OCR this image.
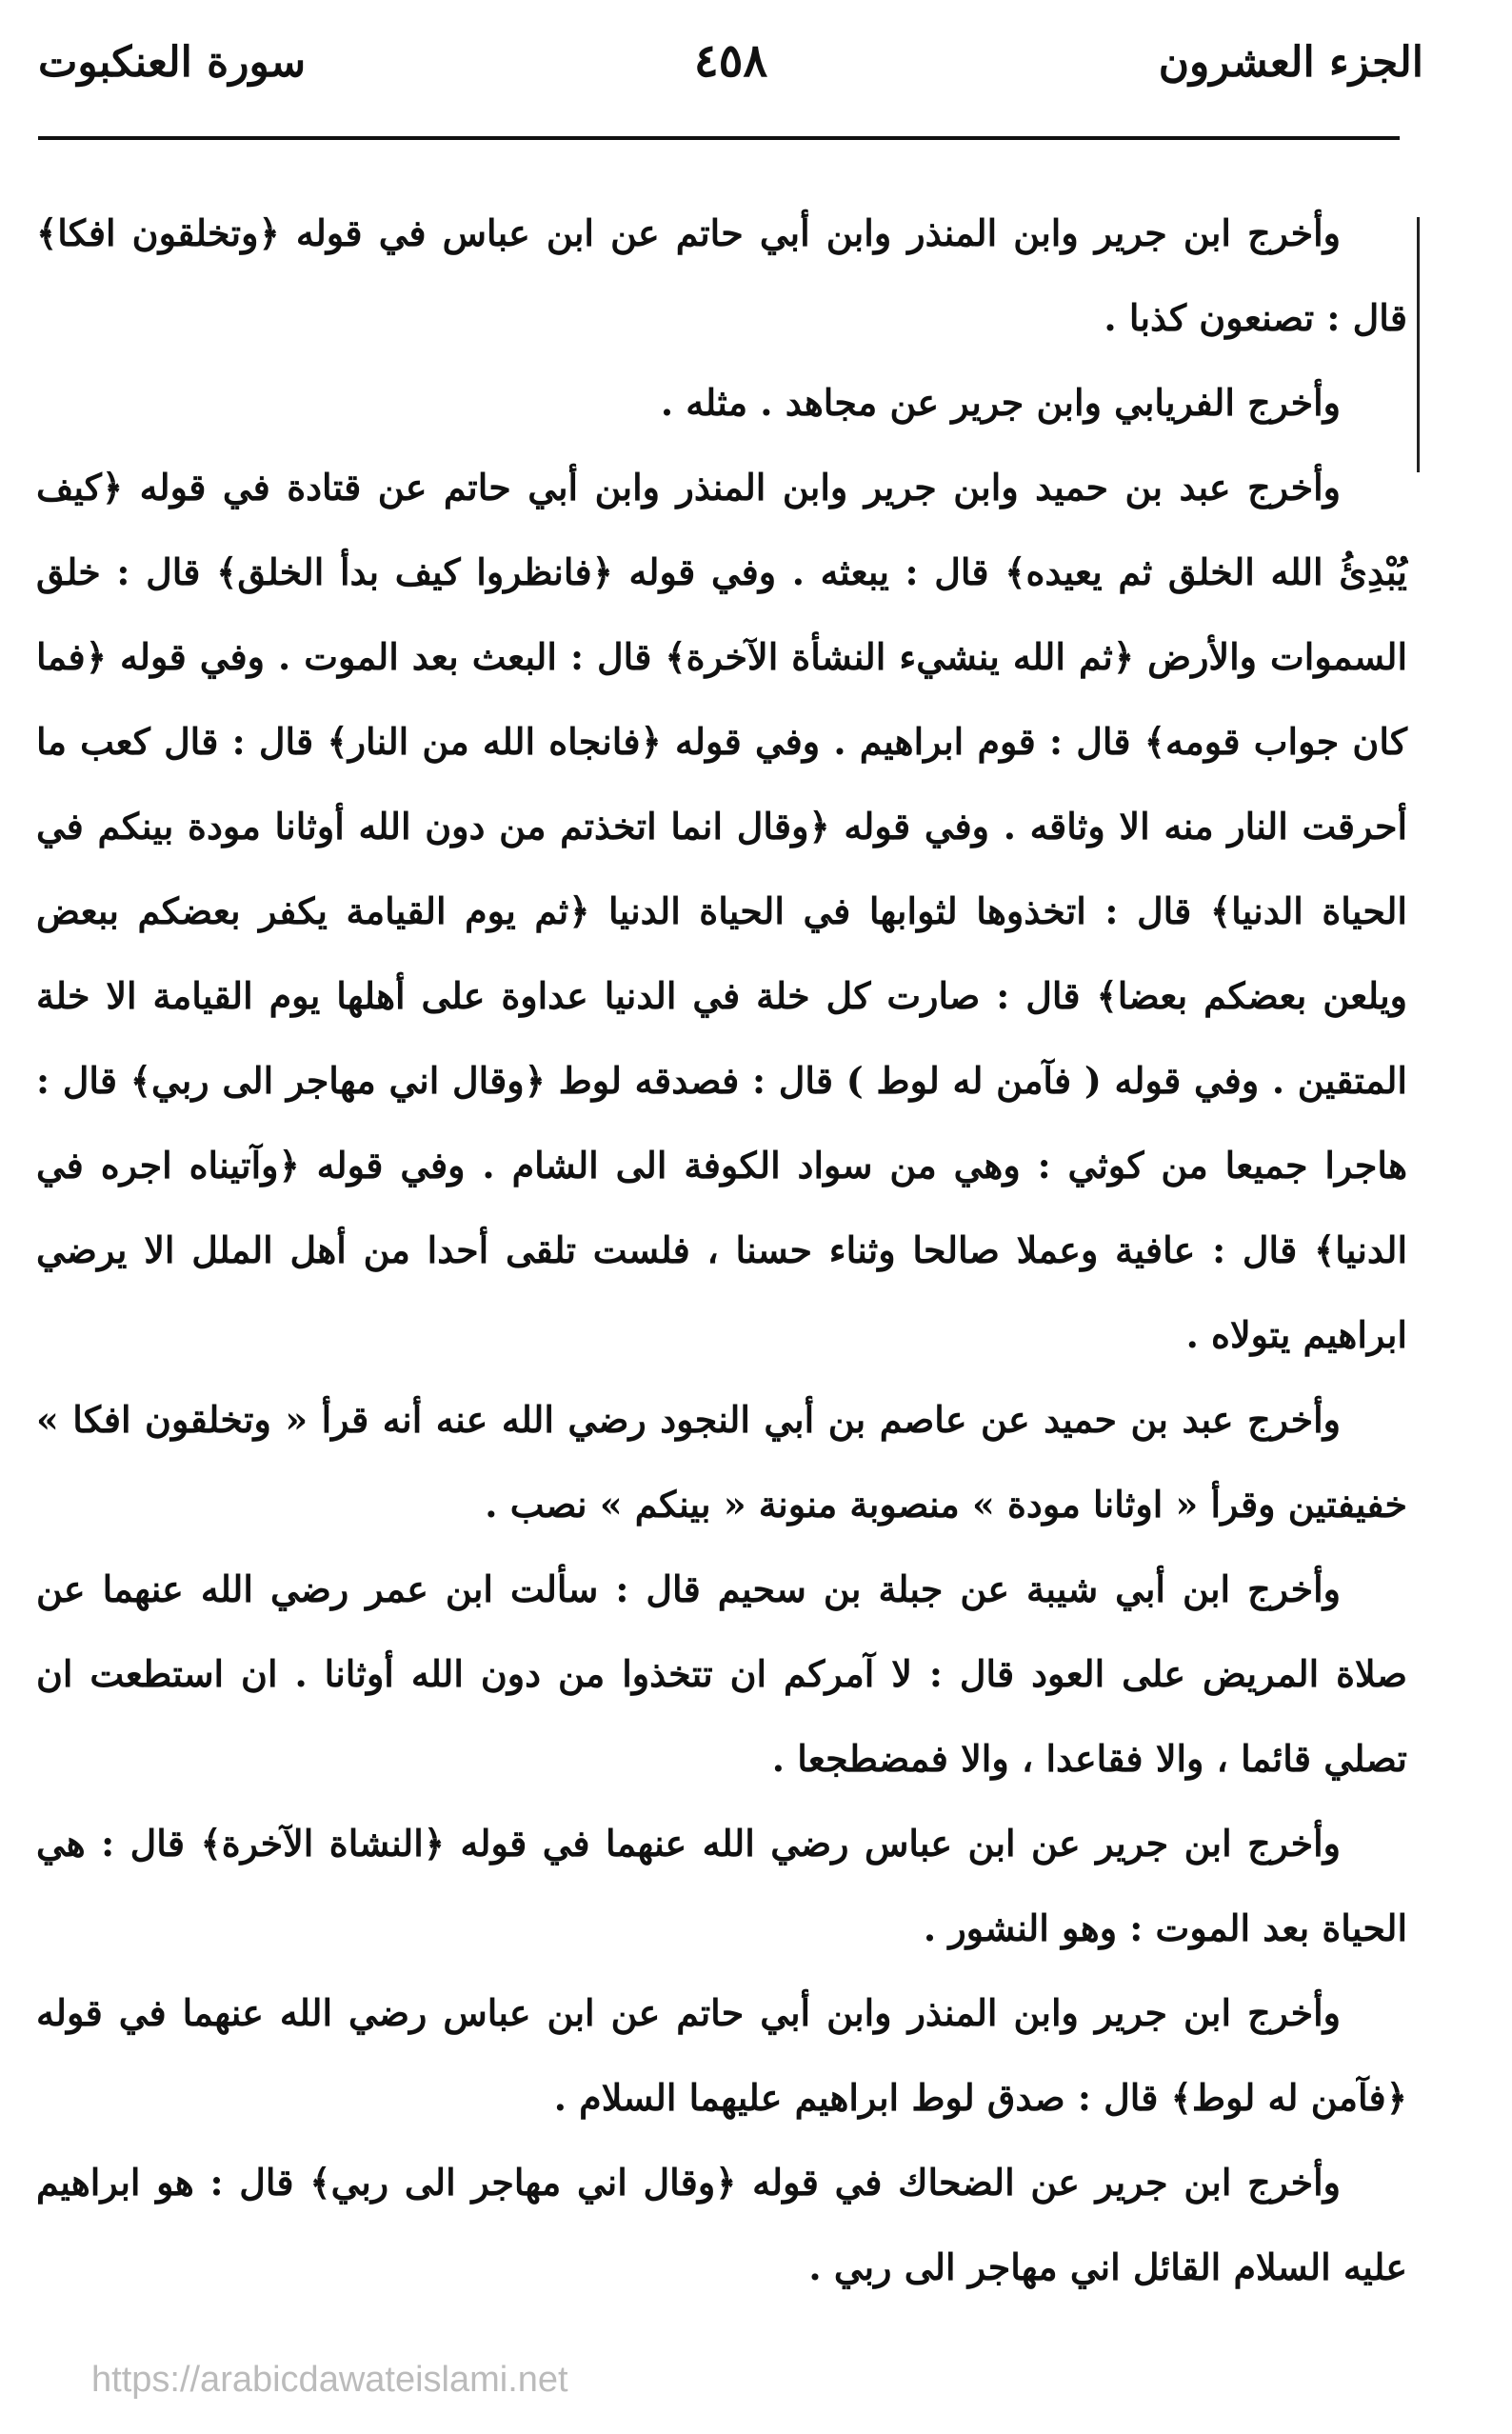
الجزء العشرون
٤٥٨
سورة العنكبوت

وأخرج ابن جرير وابن المنذر وابن أبي حاتم عن ابن عباس في قوله ﴿وتخلقون افكا﴾ قال : تصنعون كذبا .

وأخرج الفريابي وابن جرير عن مجاهد . مثله .

وأخرج عبد بن حميد وابن جرير وابن المنذر وابن أبي حاتم عن قتادة في قوله ﴿كيف يُبْدِئُ الله الخلق ثم يعيده﴾ قال : يبعثه . وفي قوله ﴿فانظروا كيف بدأ الخلق﴾ قال : خلق السموات والأرض ﴿ثم الله ينشيء النشأة الآخرة﴾ قال : البعث بعد الموت . وفي قوله ﴿فما كان جواب قومه﴾ قال : قوم ابراهيم . وفي قوله ﴿فانجاه الله من النار﴾ قال : قال كعب ما أحرقت النار منه الا وثاقه . وفي قوله ﴿وقال انما اتخذتم من دون الله أوثانا مودة بينكم في الحياة الدنيا﴾ قال : اتخذوها لثوابها في الحياة الدنيا ﴿ثم يوم القيامة يكفر بعضكم ببعض ويلعن بعضكم بعضا﴾ قال : صارت كل خلة في الدنيا عداوة على أهلها يوم القيامة الا خلة المتقين . وفي قوله ( فآمن له لوط ) قال : فصدقه لوط ﴿وقال اني مهاجر الى ربي﴾ قال : هاجرا جميعا من كوثي : وهي من سواد الكوفة الى الشام . وفي قوله ﴿وآتيناه اجره في الدنيا﴾ قال : عافية وعملا صالحا وثناء حسنا ، فلست تلقى أحدا من أهل الملل الا يرضي ابراهيم يتولاه .

وأخرج عبد بن حميد عن عاصم بن أبي النجود رضي الله عنه أنه قرأ « وتخلقون افكا » خفيفتين وقرأ « اوثانا مودة » منصوبة منونة « بينكم » نصب .

وأخرج ابن أبي شيبة عن جبلة بن سحيم قال : سألت ابن عمر رضي الله عنهما عن صلاة المريض على العود قال : لا آمركم ان تتخذوا من دون الله أوثانا . ان استطعت ان تصلي قائما ، والا فقاعدا ، والا فمضطجعا .

وأخرج ابن جرير عن ابن عباس رضي الله عنهما في قوله ﴿النشاة الآخرة﴾ قال : هي الحياة بعد الموت : وهو النشور .

وأخرج ابن جرير وابن المنذر وابن أبي حاتم عن ابن عباس رضي الله عنهما في قوله ﴿فآمن له لوط﴾ قال : صدق لوط ابراهيم عليهما السلام .

وأخرج ابن جرير عن الضحاك في قوله ﴿وقال اني مهاجر الى ربي﴾ قال : هو ابراهيم عليه السلام القائل اني مهاجر الى ربي .

https://arabicdawateislami.net
